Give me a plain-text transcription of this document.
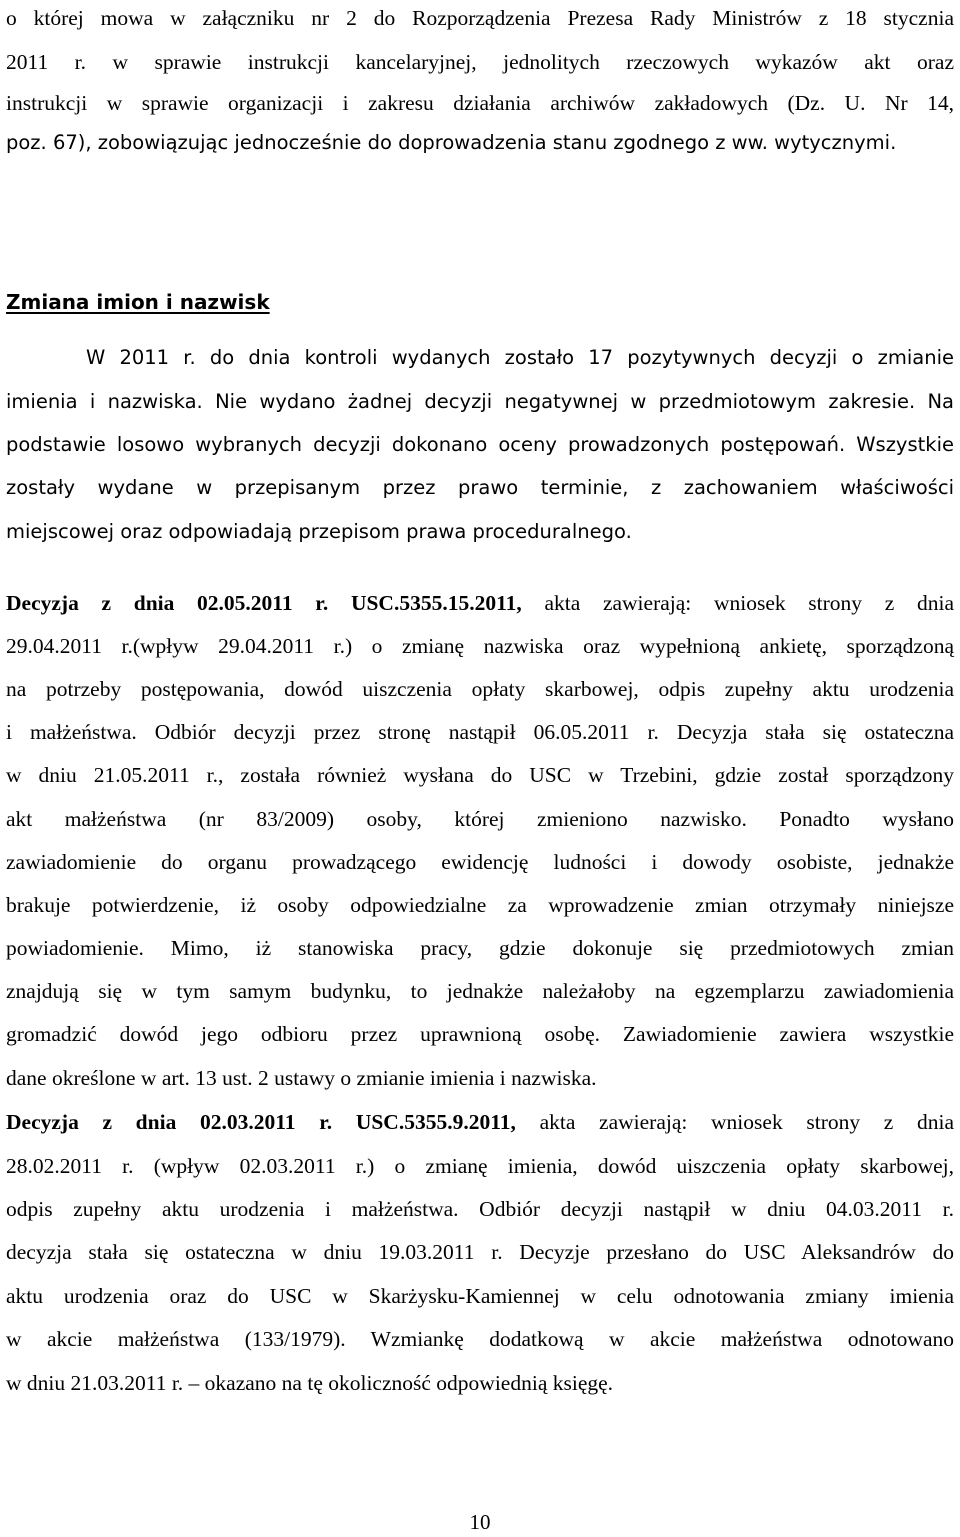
o której mowa w załączniku nr 2 do Rozporządzenia Prezesa Rady Ministrów z 18 stycznia
2011 r. w sprawie instrukcji kancelaryjnej, jednolitych rzeczowych wykazów akt oraz
instrukcji w sprawie organizacji i zakresu działania archiwów zakładowych (Dz. U. Nr 14,
poz. 67), zobowiązując jednocześnie do doprowadzenia stanu zgodnego z ww. wytycznymi.
Zmiana imion i nazwisk
W 2011 r. do dnia kontroli wydanych zostało 17 pozytywnych decyzji o zmianie
imienia i nazwiska. Nie wydano żadnej decyzji negatywnej w przedmiotowym zakresie. Na
podstawie losowo wybranych decyzji dokonano oceny prowadzonych postępowań. Wszystkie
zostały wydane w przepisanym przez prawo terminie, z zachowaniem właściwości
miejscowej oraz odpowiadają przepisom prawa proceduralnego.
Decyzja z dnia 02.05.2011 r. USC.5355.15.2011, akta zawierają: wniosek strony z dnia
29.04.2011 r.(wpływ 29.04.2011 r.) o zmianę nazwiska oraz wypełnioną ankietę, sporządzoną
na potrzeby postępowania, dowód uiszczenia opłaty skarbowej, odpis zupełny aktu urodzenia
i małżeństwa. Odbiór decyzji przez stronę nastąpił 06.05.2011 r. Decyzja stała się ostateczna
w dniu 21.05.2011 r., została również wysłana do USC w Trzebini, gdzie został sporządzony
akt małżeństwa (nr 83/2009) osoby, której zmieniono nazwisko. Ponadto wysłano
zawiadomienie do organu prowadzącego ewidencję ludności i dowody osobiste, jednakże
brakuje potwierdzenie, iż osoby odpowiedzialne za wprowadzenie zmian otrzymały niniejsze
powiadomienie. Mimo, iż stanowiska pracy, gdzie dokonuje się przedmiotowych zmian
znajdują się w tym samym budynku, to jednakże należałoby na egzemplarzu zawiadomienia
gromadzić dowód jego odbioru przez uprawnioną osobę. Zawiadomienie zawiera wszystkie
dane określone w art. 13 ust. 2 ustawy o zmianie imienia i nazwiska.
Decyzja z dnia 02.03.2011 r. USC.5355.9.2011, akta zawierają: wniosek strony z dnia
28.02.2011 r. (wpływ 02.03.2011 r.) o zmianę imienia, dowód uiszczenia opłaty skarbowej,
odpis zupełny aktu urodzenia i małżeństwa. Odbiór decyzji nastąpił w dniu 04.03.2011 r.
decyzja stała się ostateczna w dniu 19.03.2011 r. Decyzje przesłano do USC Aleksandrów do
aktu urodzenia oraz do USC w Skarżysku-Kamiennej w celu odnotowania zmiany imienia
w akcie małżeństwa (133/1979). Wzmiankę dodatkową w akcie małżeństwa odnotowano
w dniu 21.03.2011 r. – okazano na tę okoliczność odpowiednią księgę.
10
